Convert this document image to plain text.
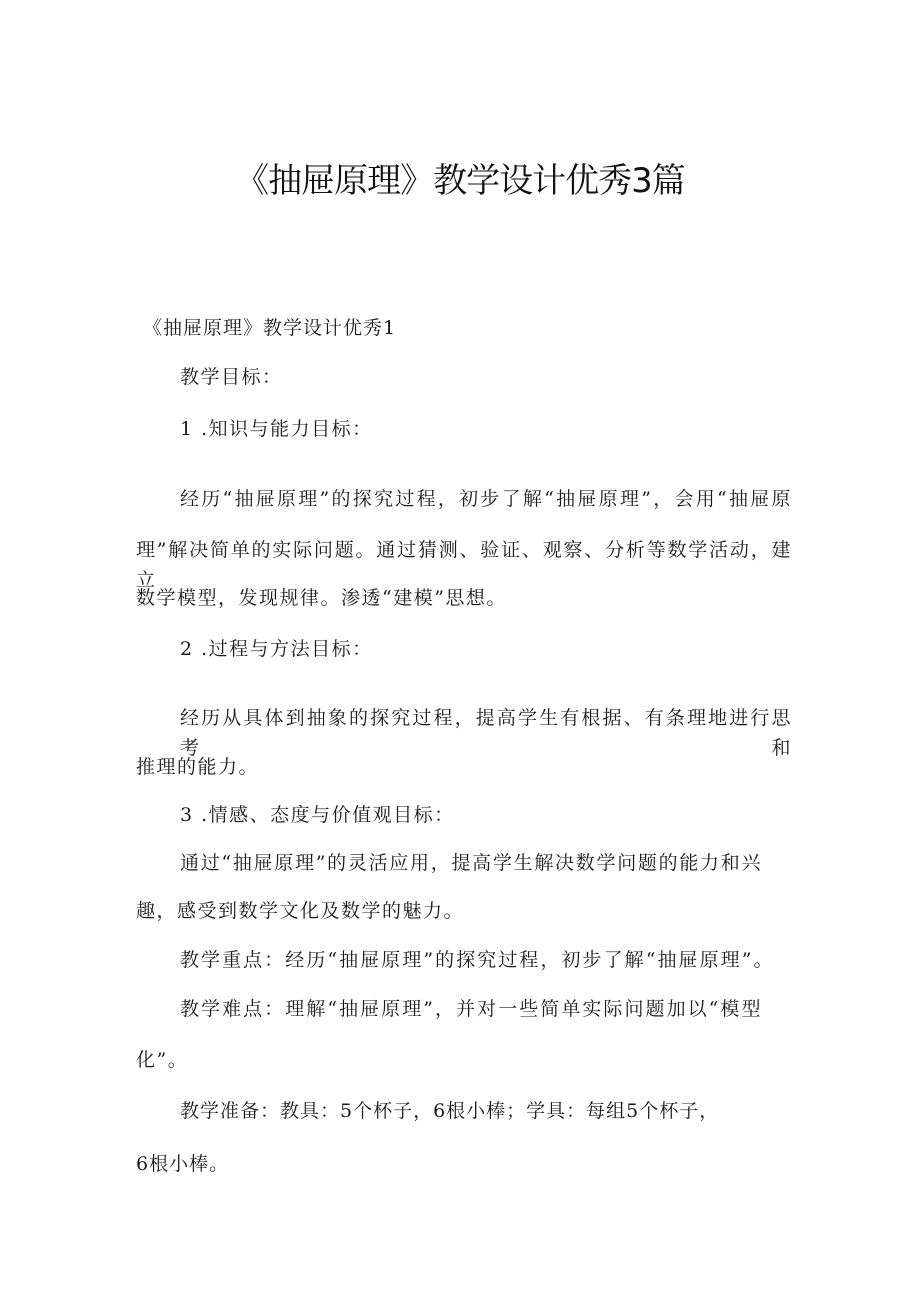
《抽屉原理》教学设计优秀3篇

《抽屉原理》教学设计优秀1

教学目标：

1 .知识与能力目标：

经历“抽屉原理”的探究过程，初步了解“抽屉原理”，会用“抽屉原

理”解决简单的实际问题。通过猜测、验证、观察、分析等数学活动，建立

数学模型，发现规律。渗透“建模”思想。

2 .过程与方法目标：

经历从具体到抽象的探究过程，提高学生有根据、有条理地进行思考和

推理的能力。

3 .情感、态度与价值观目标：

通过“抽屉原理”的灵活应用，提高学生解决数学问题的能力和兴

趣，感受到数学文化及数学的魅力。

教学重点：经历“抽屉原理”的探究过程，初步了解“抽屉原理”。

教学难点：理解“抽屉原理”，并对一些简单实际问题加以“模型

化”。

教学准备：教具：5个杯子，6根小棒；学具：每组5个杯子，

6根小棒。
